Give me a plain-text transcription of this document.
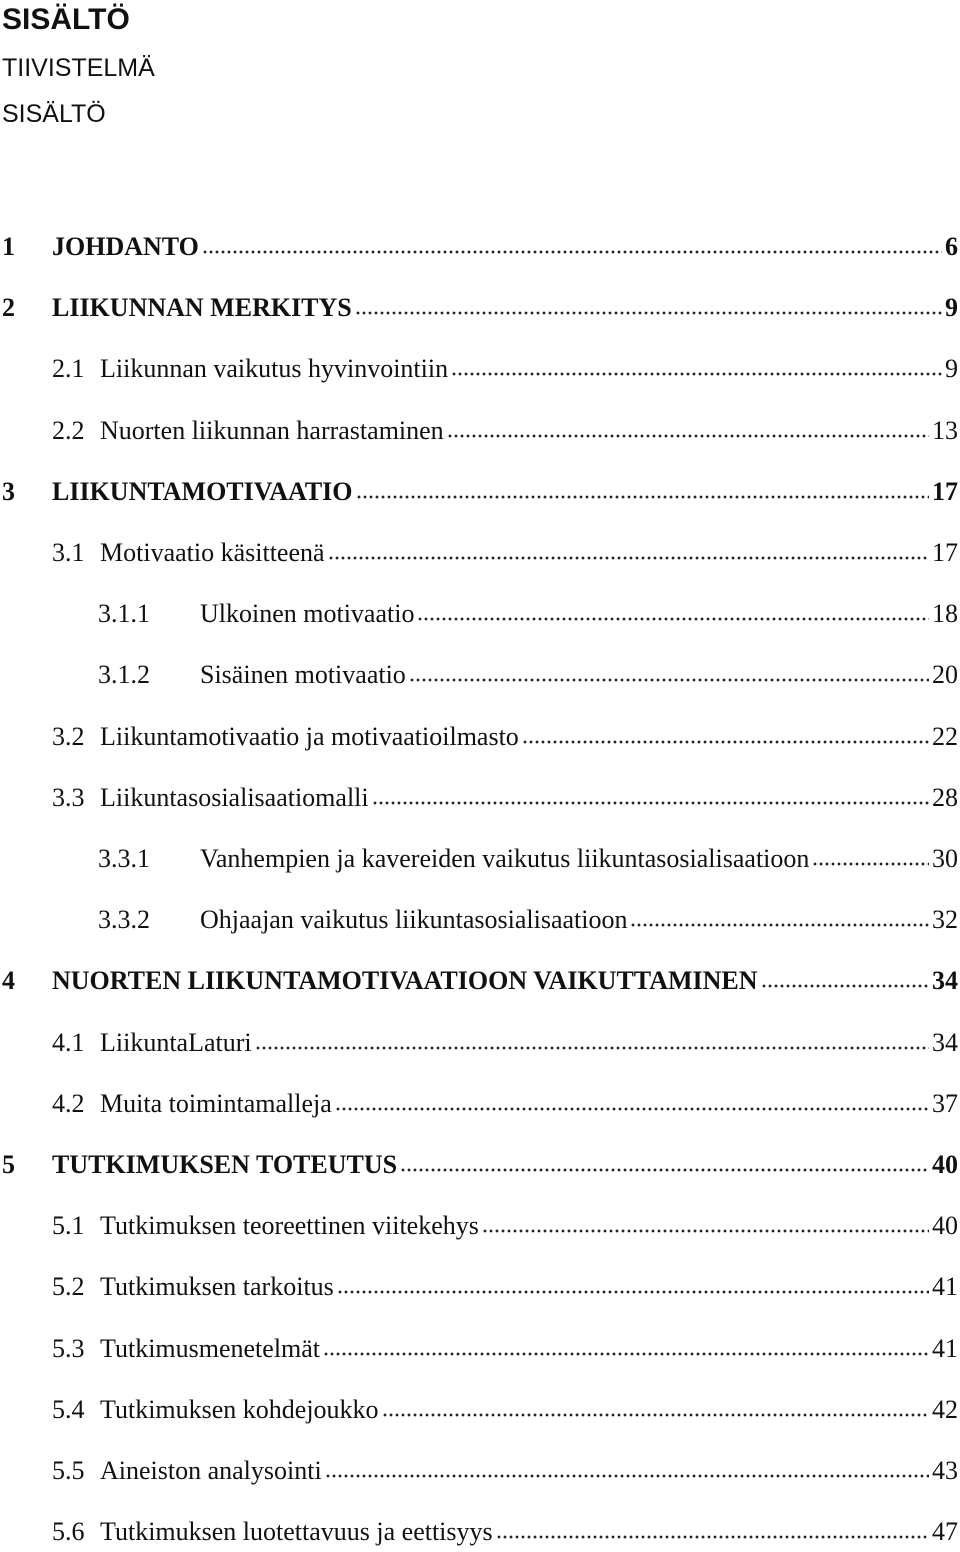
SISÄLTÖ
TIIVISTELMÄ
SISÄLTÖ
1	JOHDANTO	6
2	LIIKUNNAN MERKITYS	9
2.1 Liikunnan vaikutus hyvinvointiin	9
2.2 Nuorten liikunnan harrastaminen	13
3	LIIKUNTAMOTIVAATIO	17
3.1 Motivaatio käsitteenä	17
3.1.1	Ulkoinen motivaatio	18
3.1.2	Sisäinen motivaatio	20
3.2 Liikuntamotivaatio ja motivaatioilmasto	22
3.3 Liikuntasosialisaatiomalli	28
3.3.1	Vanhempien ja kavereiden vaikutus liikuntasosialisaatioon	30
3.3.2	Ohjaajan vaikutus liikuntasosialisaatioon	32
4	NUORTEN LIIKUNTAMOTIVAATIOON VAIKUTTAMINEN	34
4.1 LiikuntaLaturi	34
4.2 Muita toimintamalleja	37
5	TUTKIMUKSEN TOTEUTUS	40
5.1 Tutkimuksen teoreettinen viitekehys	40
5.2 Tutkimuksen tarkoitus	41
5.3 Tutkimusmenetelmät	41
5.4 Tutkimuksen kohdejoukko	42
5.5 Aineiston analysointi	43
5.6 Tutkimuksen luotettavuus ja eettisyys	47
